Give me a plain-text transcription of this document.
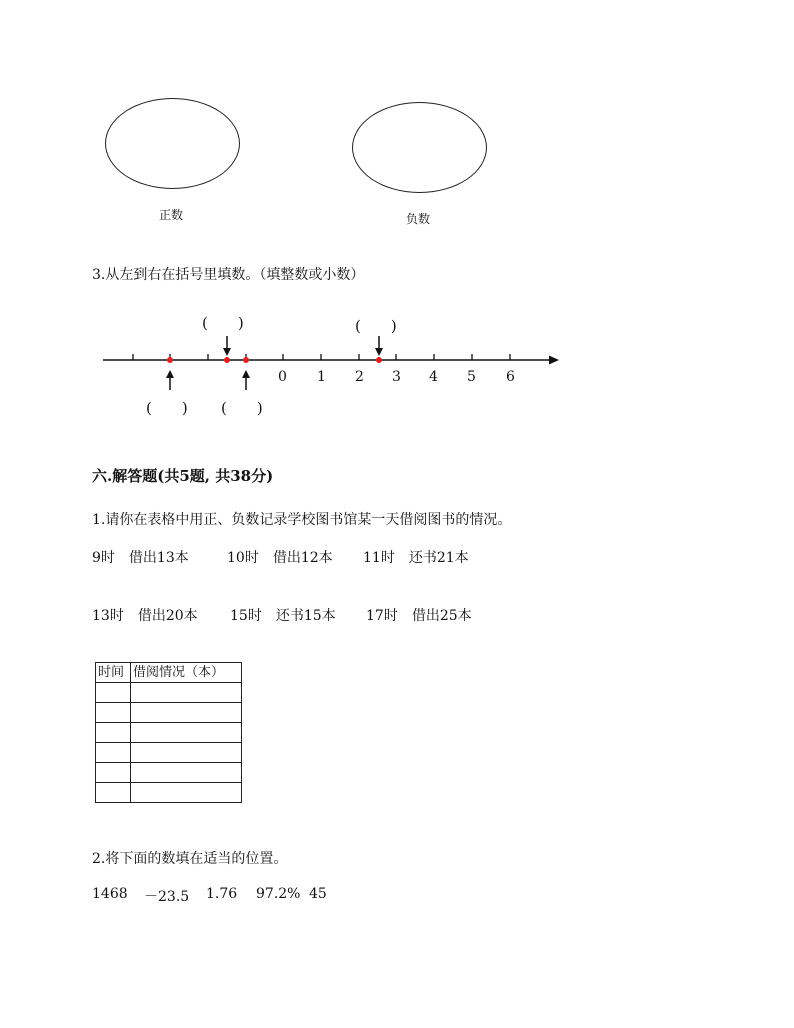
正数	负数
3.从左到右在括号里填数。（填整数或小数）
0 1 2 3 4 5 6
(　　)	(　　)
(　　) (　　)
六.解答题(共5题, 共38分)
1.请你在表格中用正、负数记录学校图书馆某一天借阅图书的情况。
9时　借出13本	10时　借出12本 11时　还书21本
13时　借出20本 15时　还书15本 17时　借出25本
时间	借阅情况（本）

2.将下面的数填在适当的位置。
1468 －23.5 1.76 97.2% 45
